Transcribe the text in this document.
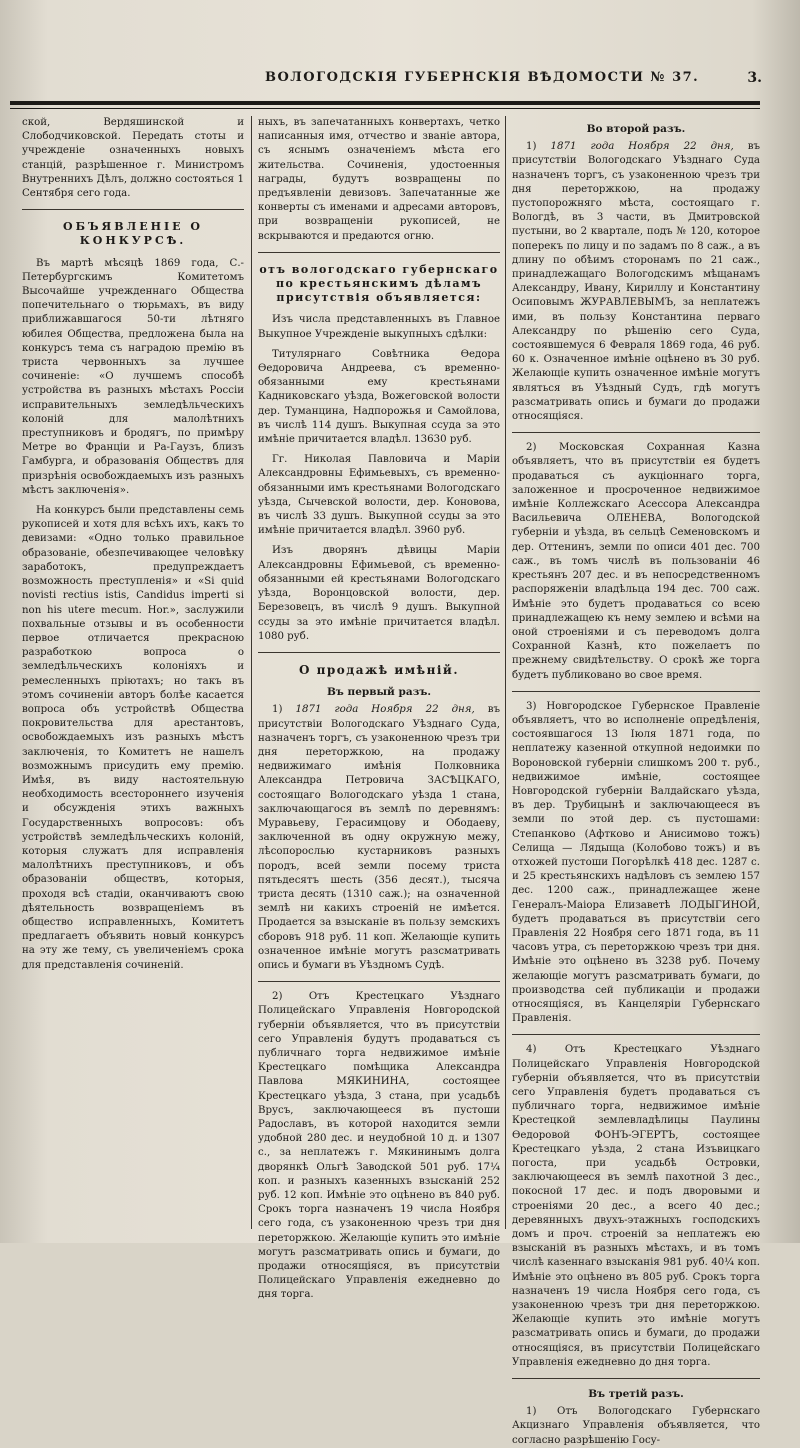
ВОЛОГОДСКІЯ ГУБЕРНСКІЯ ВѢДОМОСТИ № 37.	3.

ской, Вердяшинской и Слободчиковской. Передать стоты и учрежденіе означенныхъ новыхъ станцій, разрѣшенное г. Министромъ Внутреннихъ Дѣлъ, должно состояться 1 Сентября сего года.

ОБЪЯВЛЕНІЕ О КОНКУРСѢ.

Въ мартѣ мѣсяцѣ 1869 года, С.-Петербургскимъ Комитетомъ Высочайше учрежденнаго Общества попечительнаго о тюрьмахъ, въ виду приближавшагося 50-ти лѣтняго юбилея Общества, предложена была на конкурсъ тема съ наградою премію въ триста червонныхъ за лучшее сочиненіе: «О лучшемъ способѣ устройства въ разныхъ мѣстахъ Россіи исправительныхъ земледѣльческихъ колоній для малолѣтнихъ преступниковъ и бродягъ, по примѣру Метре во Франціи и Ра-Гаузъ, близъ Гамбурга, и образованія Обществъ для призрѣнія освобождаемыхъ изъ разныхъ мѣстъ заключенія».

На конкурсъ были представлены семь рукописей и хотя для всѣхъ ихъ, какъ то девизами: «Одно только правильное образованіе, обезпечивающее человѣку заработокъ, предупреждаетъ возможность преступленія» и «Si quid novisti rectius istis, Candidus imperti si non his utere mecum. Hor.», заслужили похвальные отзывы и въ особенности первое отличается прекрасною разработкою вопроса о земледѣльческихъ колоніяхъ и ремесленныхъ пріютахъ; но такъ въ этомъ сочиненіи авторъ болѣе касается вопроса объ устройствѣ Общества покровительства для арестантовъ, освобождаемыхъ изъ разныхъ мѣстъ заключенія, то Комитетъ не нашелъ возможнымъ присудить ему премію. Имѣя, въ виду настоятельную необходимость всестороннего изученія и обсужденія этихъ важныхъ Государственныхъ вопросовъ: объ устройствѣ земледѣльческихъ колоній, которыя служатъ для исправленія малолѣтнихъ преступниковъ, и объ образованіи обществъ, которыя, проходя всѣ стадіи, оканчиваютъ свою дѣятельность возвращеніемъ въ общество исправленныхъ, Комитетъ предлагаетъ объявить новый конкурсъ на эту же тему, съ увеличеніемъ срока для представленія сочиненій.

ныхъ, въ запечатанныхъ конвертахъ, четко написанныя имя, отчество и званіе автора, съ яснымъ означеніемъ мѣста его жительства. Сочиненія, удостоенныя награды, будутъ возвращены по предъявленіи девизовъ. Запечатанные же конверты съ именами и адресами авторовъ, при возвращеніи рукописей, не вскрываются и предаются огню.

отъ вологодскаго губернскаго по крестьянскимъ дѣламъ присутствія объявляется:

Изъ числа представленныхъ въ Главное Выкупное Учрежденіе выкупныхъ сдѣлки:

Титулярнаго Совѣтника Ѳедора Ѳедоровича Андреева, съ временно-обязанными ему крестьянами Кадниковскаго уѣзда, Вожеговской волости дер. Туманцина, Надпорожья и Самойлова, въ числѣ 114 душъ. Выкупная ссуда за это имѣніе причитается владѣл. 13630 руб.

Гг. Николая Павловича и Маріи Александровны Ефимьевыхъ, съ временно-обязанными имъ крестьянами Вологодскаго уѣзда, Сычевской волости, дер. Коновова, въ числѣ 33 душъ. Выкупной ссуды за это имѣніе причитается владѣл. 3960 руб.

Изъ дворянъ дѣвицы Маріи Александровны Ефимьевой, съ временно-обязанными ей крестьянами Вологодскаго уѣзда, Воронцовской волости, дер. Березовецъ, въ числѣ 9 душъ. Выкупной ссуды за это имѣніе причитается владѣл. 1080 руб.

О продажѣ имѣній.
Въ первый разъ.

1) 1871 года Ноября 22 дня, въ присутствіи Вологодскаго Уѣзднаго Суда, назначенъ торгъ, съ узаконенною чрезъ три дня переторжкою, на продажу недвижимаго имѣнія Полковника Александра Петровича ЗАСѢЦКАГО, состоящаго Вологодскаго уѣзда 1 стана, заключающагося въ землѣ по деревнямъ: Муравьеву, Герасимцову и Ободаеву, заключенной въ одну окружную межу, лѣсопорослью кустарниковъ разныхъ породъ, всей земли посему триста пятьдесятъ шесть (356 десят.), тысяча триста десять (1310 саж.); на означенной землѣ ни какихъ строеній не имѣется. Продается за взысканіе въ пользу земскихъ сборовъ 918 руб. 11 коп. Желающіе купить означенное имѣніе могутъ разсматривать опись и бумаги въ Уѣздномъ Судѣ.

2) Отъ Крестецкаго Уѣзднаго Полицейскаго Управленія Новгородской губерніи объявляется, что въ присутствіи сего Управленія будутъ продаваться съ публичнаго торга недвижимое имѣніе Крестецкаго помѣщика Александра Павлова МЯКИНИНА, состоящее Крестецкаго уѣзда, 3 стана, при усадьбѣ Врусъ, заключающееся въ пустоши Радославъ, въ которой находится земли удобной 280 дес. и неудобной 10 д. и 1307 с., за неплатежъ г. Мякининымъ долга дворянкѣ Ольгѣ Заводской 501 руб. 17¼ коп. и разныхъ казенныхъ взысканій 252 руб. 12 коп. Имѣніе это оцѣнено въ 840 руб. Срокъ торга назначенъ 19 числа Ноября сего года, съ узаконенною чрезъ три дня переторжкою. Желающіе купить это имѣніе могутъ разсматривать опись и бумаги, до продажи относящіяся, въ присутствіи Полицейскаго Управленія ежедневно до дня торга.

Во второй разъ.

1) 1871 года Ноября 22 дня, въ присутствіи Вологодскаго Уѣзднаго Суда назначенъ торгъ, съ узаконенною чрезъ три дня переторжкою, на продажу пустопорожняго мѣста, состоящаго г. Вологдѣ, въ 3 части, въ Дмитровской пустыни, во 2 квартале, подъ № 120, которое поперекъ по лицу и по задамъ по 8 саж., а въ длину по обѣимъ сторонамъ по 21 саж., принадлежащаго Вологодскимъ мѣщанамъ Александру, Ивану, Кириллу и Константину Осиповымъ ЖУРАВЛЕВЫМЪ, за неплатежъ ими, въ пользу Константина перваго Александру по рѣшенію сего Суда, состоявшемуся 6 Февраля 1869 года, 46 руб. 60 к. Означенное имѣніе оцѣнено въ 30 руб. Желающіе купить означенное имѣніе могутъ являться въ Уѣздный Судъ, гдѣ могутъ разсматривать опись и бумаги до продажи относящіяся.

2) Московская Сохранная Казна объявляетъ, что въ присутствіи ея будетъ продаваться съ аукціоннаго торга, заложенное и просроченное недвижимое имѣніе Коллежскаго Асессора Александра Васильевича ОЛЕНЕВА, Вологодской губерніи и уѣзда, въ сельцѣ Семеновскомъ и дер. Оттенинъ, земли по описи 401 дес. 700 саж., въ томъ числѣ въ пользованіи 46 крестьянъ 207 дес. и въ непосредственномъ распоряженіи владѣльца 194 дес. 700 саж. Имѣніе это будетъ продаваться со всею принадлежащею къ нему землею и всѣми на оной строеніями и съ переводомъ долга Сохранной Казнѣ, кто пожелаетъ по прежнему свидѣтельству. О срокѣ же торга будетъ публиковано во свое время.

3) Новгородское Губернское Правленіе объявляетъ, что во исполненіе опредѣленія, состоявшагося 13 Іюля 1871 года, по неплатежу казенной откупной недоимки по Вороновской губерніи слишкомъ 200 т. руб., недвижимое имѣніе, состоящее Новгородской губерніи Валдайскаго уѣзда, въ дер. Трубицынѣ и заключающееся въ земли по этой дер. съ пустошами: Степанково (Афтково и Анисимово тожъ) Селища — Лядыща (Колобово тожъ) и въ отхожей пустоши Погорѣлкѣ 418 дес. 1287 с. и 25 крестьянскихъ надѣловъ съ землею 157 дес. 1200 саж., принадлежащее жене Генералъ-Маіора Елизаветѣ ЛОДЫГИНОЙ, будетъ продаваться въ присутствіи сего Правленія 22 Ноября сего 1871 года, въ 11 часовъ утра, съ переторжкою чрезъ три дня. Имѣніе это оцѣнено въ 3238 руб. Почему желающіе могутъ разсматривать бумаги, до производства сей публикаціи и продажи относящіяся, въ Канцеляріи Губернскаго Правленія.

4) Отъ Крестецкаго Уѣзднаго Полицейскаго Управленія Новгородской губерніи объявляется, что въ присутствіи сего Управленія будетъ продаваться съ публичнаго торга, недвижимое имѣніе Крестецкой землевладѣлицы Паулины Ѳедоровой ФОНЪ-ЭГЕРТЪ, состоящее Крестецкаго уѣзда, 2 стана Изъвицкаго погоста, при усадьбѣ Островки, заключающееся въ землѣ пахотной 3 дес., покосной 17 дес. и подъ дворовыми и строеніями 20 дес., а всего 40 дес.; деревянныхъ двухъ-этажныхъ господскихъ домъ и проч. строеній за неплатежъ ею взысканій въ разныхъ мѣстахъ, и въ томъ числѣ казеннаго взысканія 981 руб. 40¼ коп. Имѣніе это оцѣнено въ 805 руб. Срокъ торга назначенъ 19 числа Ноября сего года, съ узаконенною чрезъ три дня переторжкою. Желающіе купить это имѣніе могутъ разсматривать опись и бумаги, до продажи относящіяся, въ присутствіи Полицейскаго Управленія ежедневно до дня торга.

Въ третій разъ.

1) Отъ Вологодскаго Губернскаго Акцизнаго Управленія объявляется, что согласно разрѣшенію Госу-
